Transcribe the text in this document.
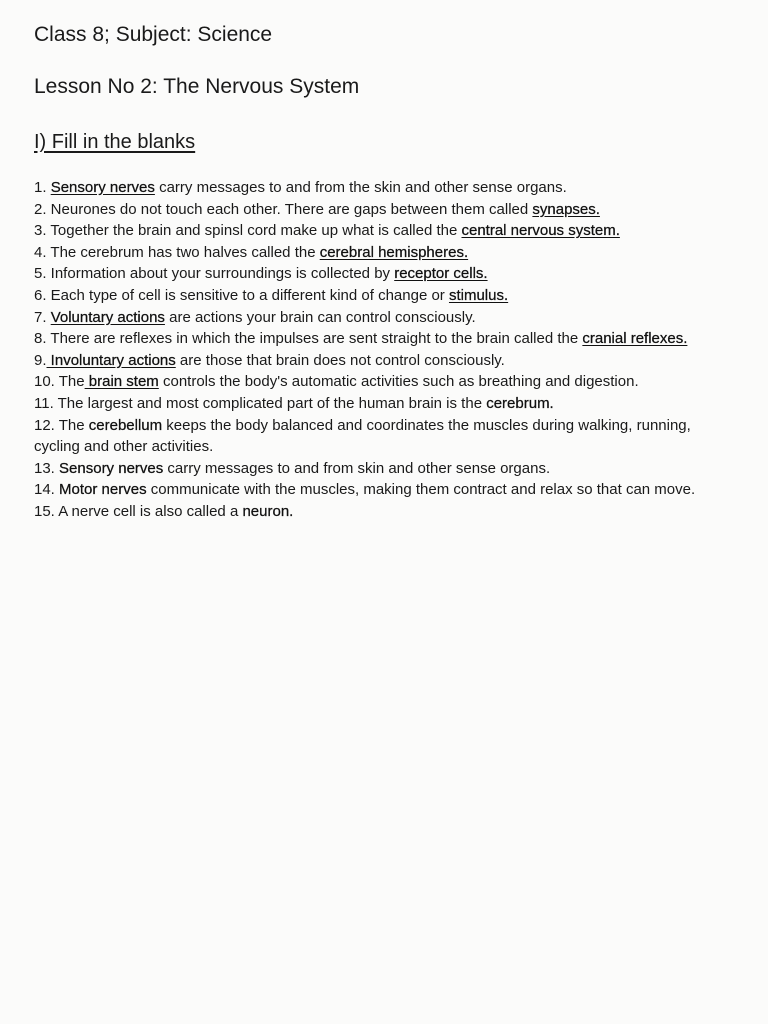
Class 8; Subject: Science
Lesson No 2: The Nervous System
I) Fill in the blanks
1. Sensory nerves carry messages to and from the skin and other sense organs.
2. Neurones do not touch each other. There are gaps between them called synapses.
3. Together the brain and spinsl cord make up what is called the central nervous system.
4. The cerebrum has two halves called the cerebral hemispheres.
5. Information about your surroundings is collected by receptor cells.
6. Each type of cell is sensitive to a different kind of change or stimulus.
7. Voluntary actions are actions your brain can control consciously.
8. There are reflexes in which the impulses are sent straight to the brain called the cranial reflexes.
9. Involuntary actions are those that brain does not control consciously.
10. The brain stem controls the body's automatic activities such as breathing and digestion.
11. The largest and most complicated part of the human brain is the cerebrum.
12. The cerebellum keeps the body balanced and coordinates the muscles during walking, running, cycling and other activities.
13. Sensory nerves carry messages to and from skin and other sense organs.
14. Motor nerves communicate with the muscles, making them contract and relax so that can move.
15. A nerve cell is also called a neuron.
